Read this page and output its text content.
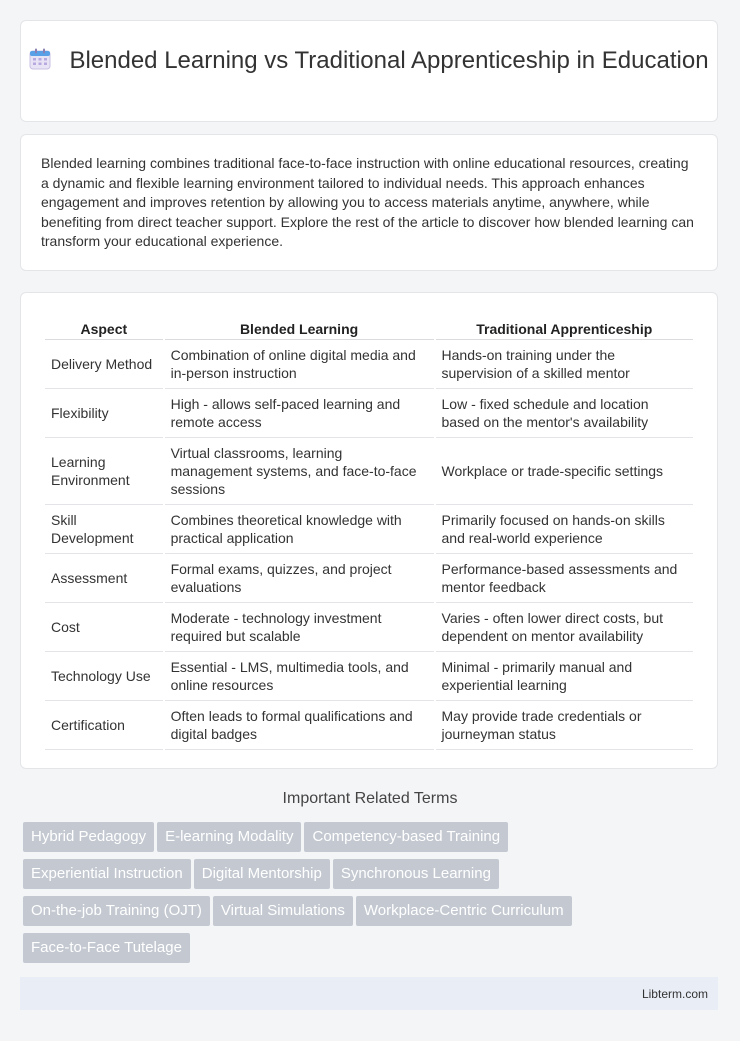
Blended Learning vs Traditional Apprenticeship in Education

Blended learning combines traditional face-to-face instruction with online educational resources, creating a dynamic and flexible learning environment tailored to individual needs. This approach enhances engagement and improves retention by allowing you to access materials anytime, anywhere, while benefiting from direct teacher support. Explore the rest of the article to discover how blended learning can transform your educational experience.

Aspect	Blended Learning	Traditional Apprenticeship
Delivery Method	Combination of online digital media and in-person instruction	Hands-on training under the supervision of a skilled mentor
Flexibility	High - allows self-paced learning and remote access	Low - fixed schedule and location based on the mentor's availability
Learning Environment	Virtual classrooms, learning management systems, and face-to-face sessions	Workplace or trade-specific settings
Skill Development	Combines theoretical knowledge with practical application	Primarily focused on hands-on skills and real-world experience
Assessment	Formal exams, quizzes, and project evaluations	Performance-based assessments and mentor feedback
Cost	Moderate - technology investment required but scalable	Varies - often lower direct costs, but dependent on mentor availability
Technology Use	Essential - LMS, multimedia tools, and online resources	Minimal - primarily manual and experiential learning
Certification	Often leads to formal qualifications and digital badges	May provide trade credentials or journeyman status
Important Related Terms
Hybrid Pedagogy E-learning Modality Competency-based Training
Experiential Instruction Digital Mentorship Synchronous Learning
On-the-job Training (OJT) Virtual Simulations Workplace-Centric Curriculum
Face-to-Face Tutelage
Libterm.com
